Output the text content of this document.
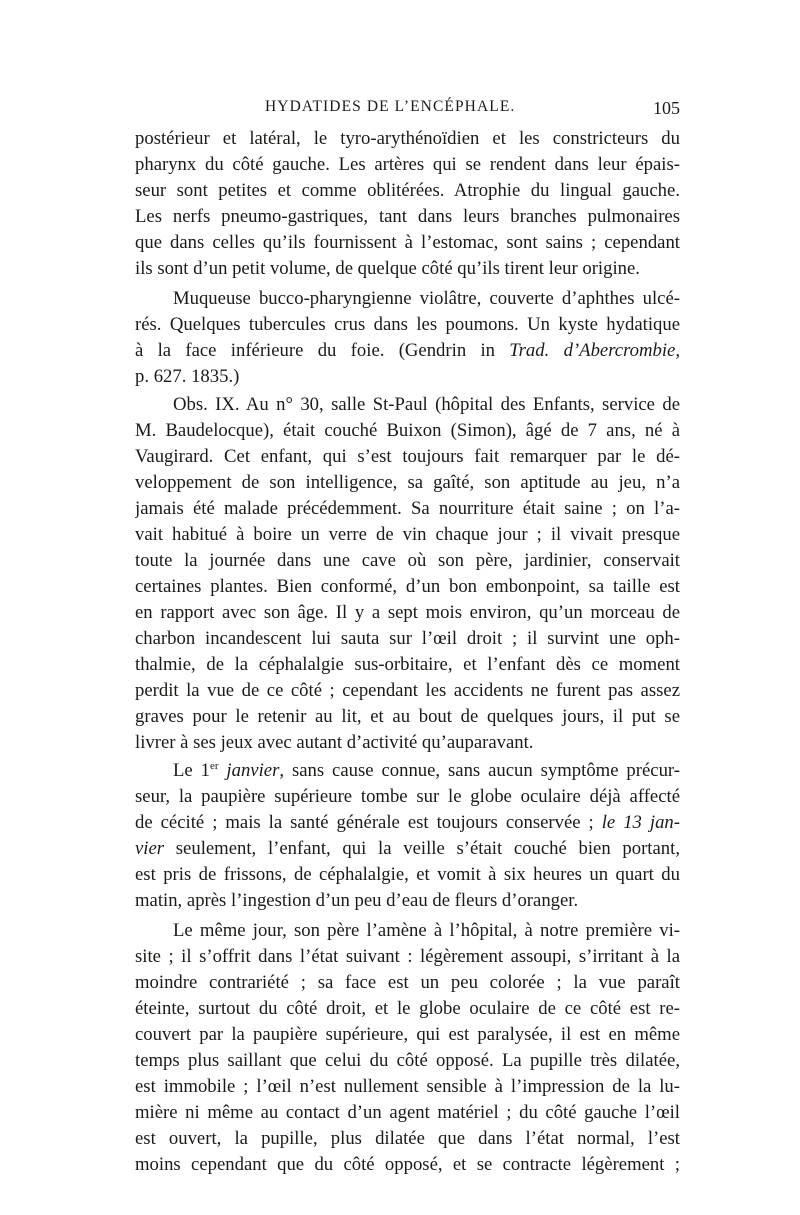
HYDATIDES DE L’ENCÉPHALE.	105
postérieur et latéral, le tyro-arythénoïdien et les constricteurs du
pharynx du côté gauche. Les artères qui se rendent dans leur épais-
seur sont petites et comme oblitérées. Atrophie du lingual gauche.
Les nerfs pneumo-gastriques, tant dans leurs branches pulmonaires
que dans celles qu’ils fournissent à l’estomac, sont sains ; cependant
ils sont d’un petit volume, de quelque côté qu’ils tirent leur origine.
Muqueuse bucco-pharyngienne violâtre, couverte d’aphthes ulcé-
rés. Quelques tubercules crus dans les poumons. Un kyste hydatique
à la face inférieure du foie. (Gendrin in Trad. d’Abercrombie,
p. 627. 1835.)
Obs. IX. Au n° 30, salle St-Paul (hôpital des Enfants, service de
M. Baudelocque), était couché Buixon (Simon), âgé de 7 ans, né à
Vaugirard. Cet enfant, qui s’est toujours fait remarquer par le dé-
veloppement de son intelligence, sa gaîté, son aptitude au jeu, n’a
jamais été malade précédemment. Sa nourriture était saine ; on l’a-
vait habitué à boire un verre de vin chaque jour ; il vivait presque
toute la journée dans une cave où son père, jardinier, conservait
certaines plantes. Bien conformé, d’un bon embonpoint, sa taille est
en rapport avec son âge. Il y a sept mois environ, qu’un morceau de
charbon incandescent lui sauta sur l’œil droit ; il survint une oph-
thalmie, de la céphalalgie sus-orbitaire, et l’enfant dès ce moment
perdit la vue de ce côté ; cependant les accidents ne furent pas assez
graves pour le retenir au lit, et au bout de quelques jours, il put se
livrer à ses jeux avec autant d’activité qu’auparavant.
Le 1er janvier, sans cause connue, sans aucun symptôme précur-
seur, la paupière supérieure tombe sur le globe oculaire déjà affecté
de cécité ; mais la santé générale est toujours conservée ; le 13 jan-
vier seulement, l’enfant, qui la veille s’était couché bien portant,
est pris de frissons, de céphalalgie, et vomit à six heures un quart du
matin, après l’ingestion d’un peu d’eau de fleurs d’oranger.
Le même jour, son père l’amène à l’hôpital, à notre première vi-
site ; il s’offrit dans l’état suivant : légèrement assoupi, s’irritant à la
moindre contrariété ; sa face est un peu colorée ; la vue paraît
éteinte, surtout du côté droit, et le globe oculaire de ce côté est re-
couvert par la paupière supérieure, qui est paralysée, il est en même
temps plus saillant que celui du côté opposé. La pupille très dilatée,
est immobile ; l’œil n’est nullement sensible à l’impression de la lu-
mière ni même au contact d’un agent matériel ; du côté gauche l’œil
est ouvert, la pupille, plus dilatée que dans l’état normal, l’est
moins cependant que du côté opposé, et se contracte légèrement ;
